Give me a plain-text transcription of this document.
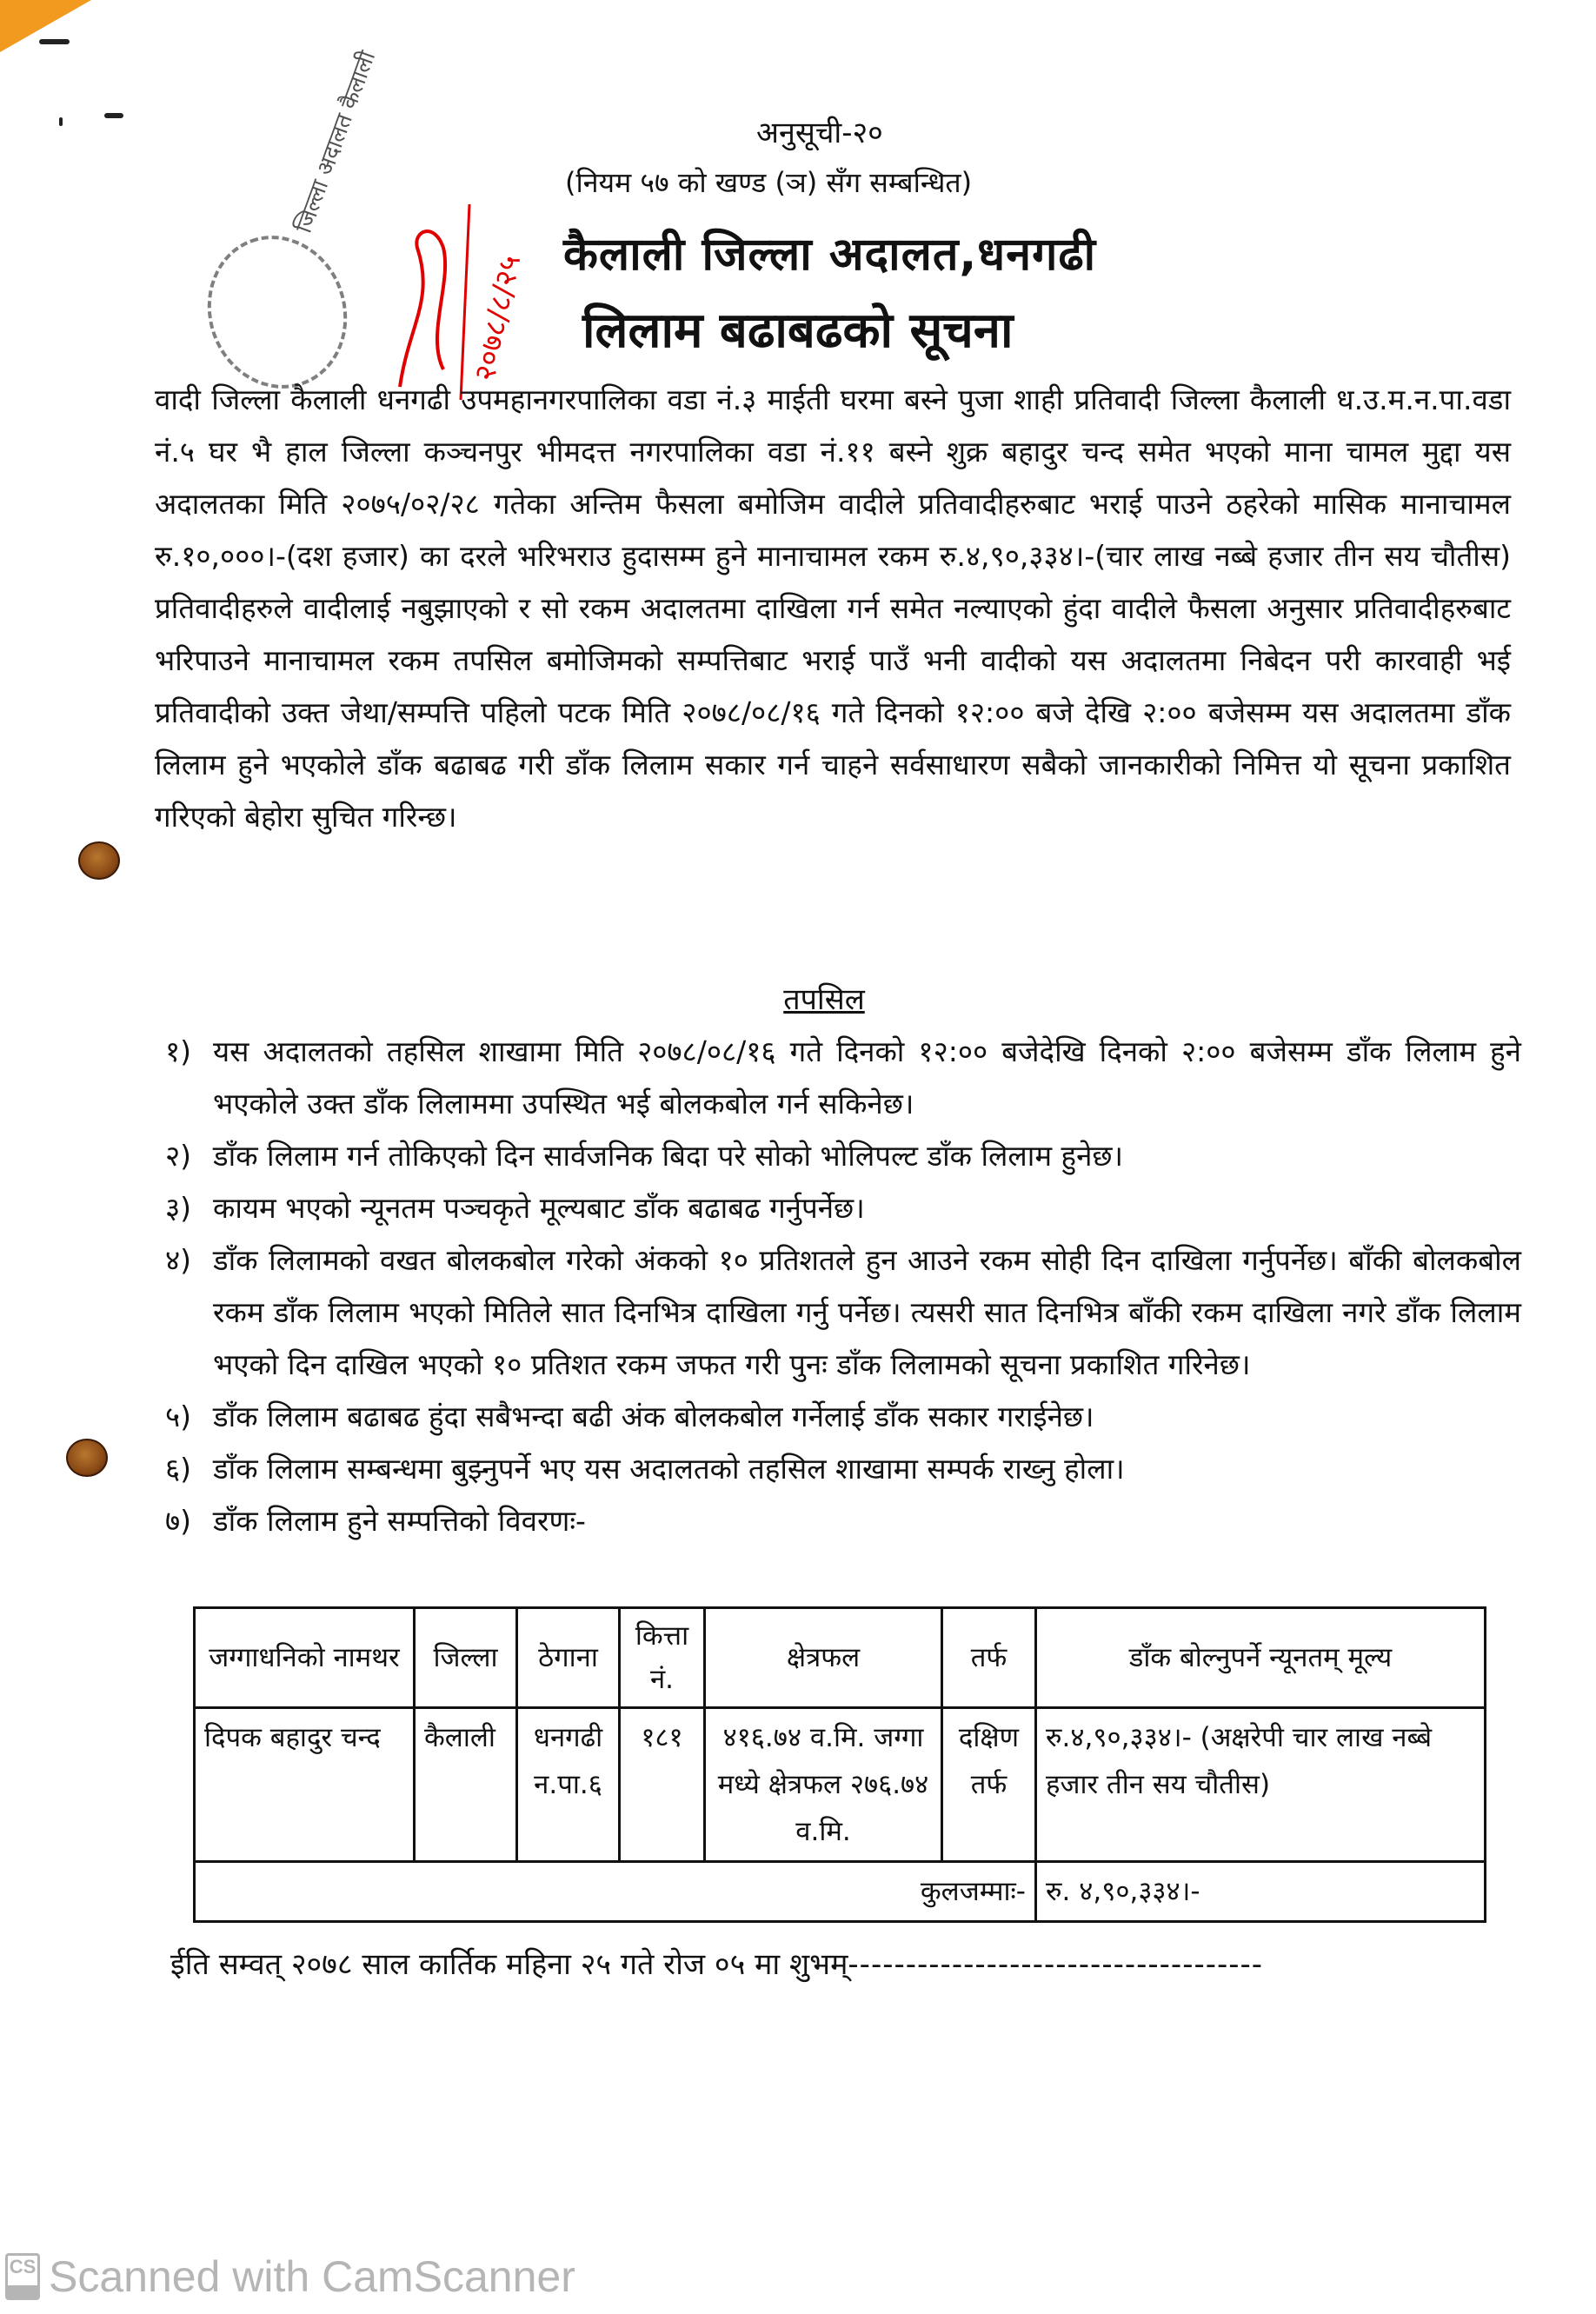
अनुसूची-२०
(नियम ५७ को खण्ड (ञ) सँग सम्बन्धित)
कैलाली जिल्ला अदालत,धनगढी
लिलाम बढाबढको सूचना
जिल्ला अदालत कैलाली
२०७८/८/२५
वादी जिल्ला कैलाली धनगढी उपमहानगरपालिका वडा नं.३ माईती घरमा बस्ने पुजा शाही प्रतिवादी जिल्ला कैलाली ध.उ.म.न.पा.वडा नं.५ घर भै हाल जिल्ला कञ्चनपुर भीमदत्त नगरपालिका वडा नं.११ बस्ने शुक्र बहादुर चन्द समेत भएको माना चामल मुद्दा यस अदालतका मिति २०७५/०२/२८ गतेका अन्तिम फैसला बमोजिम वादीले प्रतिवादीहरुबाट भराई पाउने ठहरेको मासिक मानाचामल रु.१०,०००।-(दश हजार) का दरले भरिभराउ हुदासम्म हुने मानाचामल रकम रु.४,९०,३३४।-(चार लाख नब्बे हजार तीन सय चौतीस) प्रतिवादीहरुले वादीलाई नबुझाएको र सो रकम अदालतमा दाखिला गर्न समेत नल्याएको हुंदा वादीले फैसला अनुसार प्रतिवादीहरुबाट भरिपाउने मानाचामल रकम तपसिल बमोजिमको सम्पत्तिबाट भराई पाउँ भनी वादीको यस अदालतमा निबेदन परी कारवाही भई प्रतिवादीको उक्त जेथा/सम्पत्ति पहिलो पटक मिति २०७८/०८/१६ गते दिनको १२:०० बजे देखि २:०० बजेसम्म यस अदालतमा डाँक लिलाम हुने भएकोले डाँक बढाबढ गरी डाँक लिलाम सकार गर्न चाहने सर्वसाधारण सबैको जानकारीको निमित्त यो सूचना प्रकाशित गरिएको बेहोरा सुचित गरिन्छ।
तपसिल
१) यस अदालतको तहसिल शाखामा मिति २०७८/०८/१६ गते दिनको १२:०० बजेदेखि दिनको २:०० बजेसम्म डाँक लिलाम हुने भएकोले उक्त डाँक लिलाममा उपस्थित भई बोलकबोल गर्न सकिनेछ।
२) डाँक लिलाम गर्न तोकिएको दिन सार्वजनिक बिदा परे सोको भोलिपल्ट डाँक लिलाम हुनेछ।
३) कायम भएको न्यूनतम पञ्चकृते मूल्यबाट डाँक बढाबढ गर्नुपर्नेछ।
४) डाँक लिलामको वखत बोलकबोल गरेको अंकको १० प्रतिशतले हुन आउने रकम सोही दिन दाखिला गर्नुपर्नेछ। बाँकी बोलकबोल रकम डाँक लिलाम भएको मितिले सात दिनभित्र दाखिला गर्नु पर्नेछ। त्यसरी सात दिनभित्र बाँकी रकम दाखिला नगरे डाँक लिलाम भएको दिन दाखिल भएको १० प्रतिशत रकम जफत गरी पुनः डाँक लिलामको सूचना प्रकाशित गरिनेछ।
५) डाँक लिलाम बढाबढ हुंदा सबैभन्दा बढी अंक बोलकबोल गर्नेलाई डाँक सकार गराईनेछ।
६) डाँक लिलाम सम्बन्धमा बुझ्नुपर्ने भए यस अदालतको तहसिल शाखामा सम्पर्क राख्नु होला।
७) डाँक लिलाम हुने सम्पत्तिको विवरणः-
जग्गाधनिको नामथर	जिल्ला	ठेगाना	कित्ता नं.	क्षेत्रफल	तर्फ	डाँक बोल्नुपर्ने न्यूनतम् मूल्य
दिपक बहादुर चन्द	कैलाली	धनगढी न.पा.६	१८१	४१६.७४ व.मि. जग्गा मध्ये क्षेत्रफल २७६.७४ व.मि.	दक्षिण तर्फ	रु.४,९०,३३४।- (अक्षरेपी चार लाख नब्बे हजार तीन सय चौतीस)
कुलजम्माः-						रु. ४,९०,३३४।-
ईति सम्वत् २०७८ साल कार्तिक महिना २५ गते रोज ०५ मा शुभम्------------------------------------
CS Scanned with CamScanner
